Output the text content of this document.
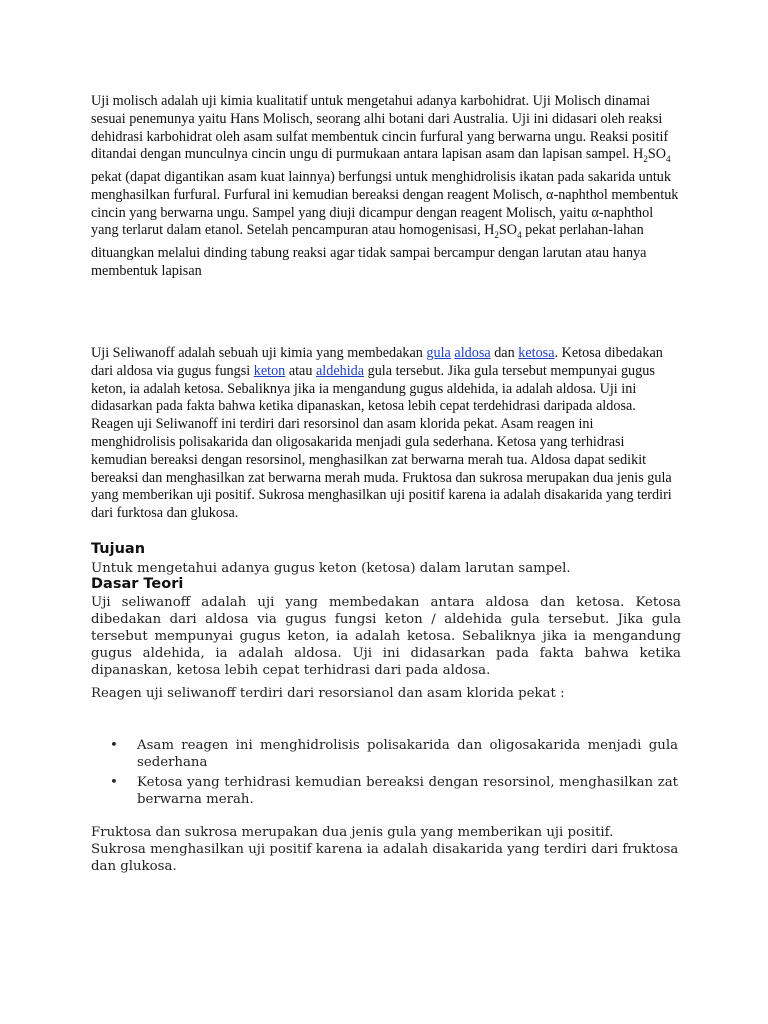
Uji molisch adalah uji kimia kualitatif untuk mengetahui adanya karbohidrat. Uji Molisch dinamai sesuai penemunya yaitu Hans Molisch, seorang alhi botani dari Australia. Uji ini didasari oleh reaksi dehidrasi karbohidrat oleh asam sulfat membentuk cincin furfural yang berwarna ungu. Reaksi positif ditandai dengan munculnya cincin ungu di purmukaan antara lapisan asam dan lapisan sampel. $H_2SO_4$ pekat (dapat digantikan asam kuat lainnya) berfungsi untuk menghidrolisis ikatan pada sakarida untuk menghasilkan furfural. Furfural ini kemudian bereaksi dengan reagent Molisch, α-naphthol membentuk cincin yang berwarna ungu. Sampel yang diuji dicampur dengan reagent Molisch, yaitu α-naphthol yang terlarut dalam etanol. Setelah pencampuran atau homogenisasi, $H_2SO_4$ pekat perlahan-lahan dituangkan melalui dinding tabung reaksi agar tidak sampai bercampur dengan larutan atau hanya membentuk lapisan

Uji Seliwanoff adalah sebuah uji kimia yang membedakan gula aldosa dan ketosa. Ketosa dibedakan dari aldosa via gugus fungsi keton atau aldehida gula tersebut. Jika gula tersebut mempunyai gugus keton, ia adalah ketosa. Sebaliknya jika ia mengandung gugus aldehida, ia adalah aldosa. Uji ini didasarkan pada fakta bahwa ketika dipanaskan, ketosa lebih cepat terdehidrasi daripada aldosa. Reagen uji Seliwanoff ini terdiri dari resorsinol dan asam klorida pekat. Asam reagen ini menghidrolisis polisakarida dan oligosakarida menjadi gula sederhana. Ketosa yang terhidrasi kemudian bereaksi dengan resorsinol, menghasilkan zat berwarna merah tua. Aldosa dapat sedikit bereaksi dan menghasilkan zat berwarna merah muda. Fruktosa dan sukrosa merupakan dua jenis gula yang memberikan uji positif. Sukrosa menghasilkan uji positif karena ia adalah disakarida yang terdiri dari furktosa dan glukosa.

Tujuan
Untuk mengetahui adanya gugus keton (ketosa) dalam larutan sampel.
Dasar Teori
Uji seliwanoff adalah uji yang membedakan antara aldosa dan ketosa. Ketosa dibedakan dari aldosa via gugus fungsi keton / aldehida gula tersebut. Jika gula tersebut mempunyai gugus keton, ia adalah ketosa. Sebaliknya jika ia mengandung gugus aldehida, ia adalah aldosa. Uji ini didasarkan pada fakta bahwa ketika dipanaskan, ketosa lebih cepat terhidrasi dari pada aldosa.
Reagen uji seliwanoff terdiri dari resorsianol dan asam klorida pekat :
• Asam reagen ini menghidrolisis polisakarida dan oligosakarida menjadi gula sederhana
• Ketosa yang terhidrasi kemudian bereaksi dengan resorsinol, menghasilkan zat berwarna merah.
Fruktosa dan sukrosa merupakan dua jenis gula yang memberikan uji positif.
Sukrosa menghasilkan uji positif karena ia adalah disakarida yang terdiri dari fruktosa dan glukosa.
